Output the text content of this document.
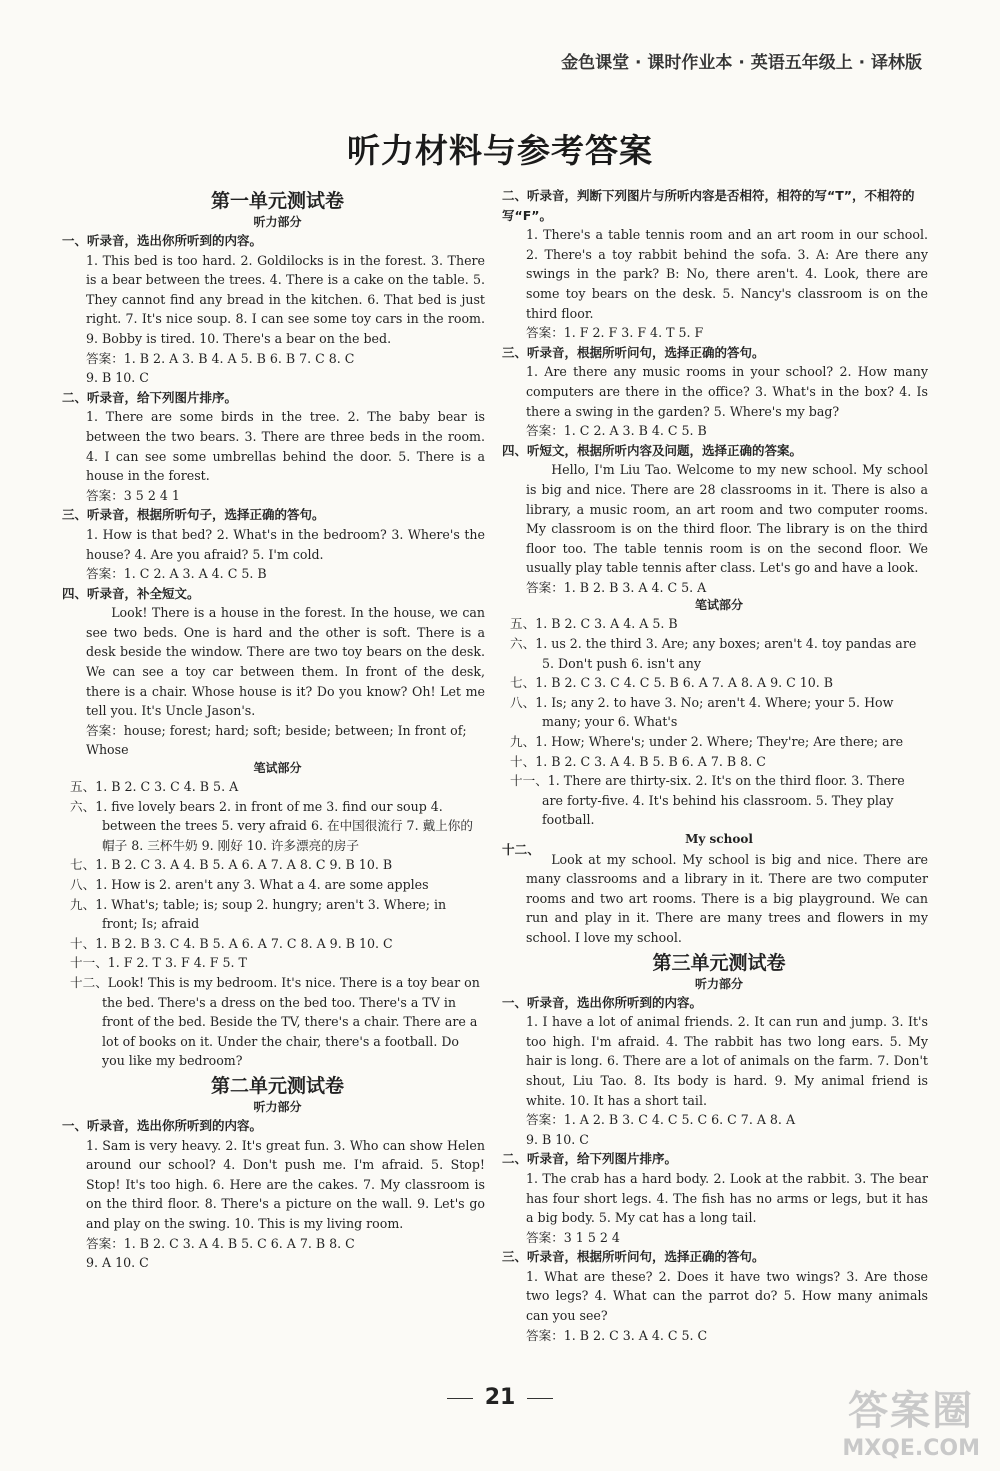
金色课堂 · 课时作业本 · 英语五年级上 · 译林版
听力材料与参考答案
第一单元测试卷
听力部分
一、听录音，选出你所听到的内容。
1. This bed is too hard. 2. Goldilocks is in the forest. 3. There is a bear between the trees. 4. There is a cake on the table. 5. They cannot find any bread in the kitchen. 6. That bed is just right. 7. It's nice soup. 8. I can see some toy cars in the room. 9. Bobby is tired. 10. There's a bear on the bed.
答案：1. B 2. A 3. B 4. A 5. B 6. B 7. C 8. C
9. B 10. C
二、听录音，给下列图片排序。
1. There are some birds in the tree. 2. The baby bear is between the two bears. 3. There are three beds in the room. 4. I can see some umbrellas behind the door. 5. There is a house in the forest.
答案：3 5 2 4 1
三、听录音，根据所听句子，选择正确的答句。
1. How is that bed? 2. What's in the bedroom? 3. Where's the house? 4. Are you afraid? 5. I'm cold.
答案：1. C 2. A 3. A 4. C 5. B
四、听录音，补全短文。
Look! There is a house in the forest. In the house, we can see two beds. One is hard and the other is soft. There is a desk beside the window. There are two toy bears on the desk. We can see a toy car between them. In front of the desk, there is a chair. Whose house is it? Do you know? Oh! Let me tell you. It's Uncle Jason's.
答案：house; forest; hard; soft; beside; between; In front of; Whose
笔试部分
五、1. B 2. C 3. C 4. B 5. A
六、1. five lovely bears 2. in front of me 3. find our soup 4. between the trees 5. very afraid 6. 在中国很流行 7. 戴上你的帽子 8. 三杯牛奶 9. 刚好 10. 许多漂亮的房子
七、1. B 2. C 3. A 4. B 5. A 6. A 7. A 8. C 9. B 10. B
八、1. How is 2. aren't any 3. What a 4. are some apples
九、1. What's; table; is; soup 2. hungry; aren't 3. Where; in front; Is; afraid
十、1. B 2. B 3. C 4. B 5. A 6. A 7. C 8. A 9. B 10. C
十一、1. F 2. T 3. F 4. F 5. T
十二、Look! This is my bedroom. It's nice. There is a toy bear on the bed. There's a dress on the bed too. There's a TV in front of the bed. Beside the TV, there's a chair. There are a lot of books on it. Under the chair, there's a football. Do you like my bedroom?
第二单元测试卷
听力部分
一、听录音，选出你所听到的内容。
1. Sam is very heavy. 2. It's great fun. 3. Who can show Helen around our school? 4. Don't push me. I'm afraid. 5. Stop! Stop! It's too high. 6. Here are the cakes. 7. My classroom is on the third floor. 8. There's a picture on the wall. 9. Let's go and play on the swing. 10. This is my living room.
答案：1. B 2. C 3. A 4. B 5. C 6. A 7. B 8. C
9. A 10. C
二、听录音，判断下列图片与所听内容是否相符，相符的写“T”，不相符的写“F”。
1. There's a table tennis room and an art room in our school. 2. There's a toy rabbit behind the sofa. 3. A: Are there any swings in the park? B: No, there aren't. 4. Look, there are some toy bears on the desk. 5. Nancy's classroom is on the third floor.
答案：1. F 2. F 3. F 4. T 5. F
三、听录音，根据所听问句，选择正确的答句。
1. Are there any music rooms in your school? 2. How many computers are there in the office? 3. What's in the box? 4. Is there a swing in the garden? 5. Where's my bag?
答案：1. C 2. A 3. B 4. C 5. B
四、听短文，根据所听内容及问题，选择正确的答案。
Hello, I'm Liu Tao. Welcome to my new school. My school is big and nice. There are 28 classrooms in it. There is also a library, a music room, an art room and two computer rooms. My classroom is on the third floor. The library is on the third floor too. The table tennis room is on the second floor. We usually play table tennis after class. Let's go and have a look.
答案：1. B 2. B 3. A 4. C 5. A
笔试部分
五、1. B 2. C 3. A 4. A 5. B
六、1. us 2. the third 3. Are; any boxes; aren't 4. toy pandas are 5. Don't push 6. isn't any
七、1. B 2. C 3. C 4. C 5. B 6. A 7. A 8. A 9. C 10. B
八、1. Is; any 2. to have 3. No; aren't 4. Where; your 5. How many; your 6. What's
九、1. How; Where's; under 2. Where; They're; Are there; are
十、1. B 2. C 3. A 4. B 5. B 6. A 7. B 8. C
十一、1. There are thirty-six. 2. It's on the third floor. 3. There are forty-five. 4. It's behind his classroom. 5. They play football.
十二、
My school
Look at my school. My school is big and nice. There are many classrooms and a library in it. There are two computer rooms and two art rooms. There is a big playground. We can run and play in it. There are many trees and flowers in my school. I love my school.
第三单元测试卷
听力部分
一、听录音，选出你所听到的内容。
1. I have a lot of animal friends. 2. It can run and jump. 3. It's too high. I'm afraid. 4. The rabbit has two long ears. 5. My hair is long. 6. There are a lot of animals on the farm. 7. Don't shout, Liu Tao. 8. Its body is hard. 9. My animal friend is white. 10. It has a short tail.
答案：1. A 2. B 3. C 4. C 5. C 6. C 7. A 8. A
9. B 10. C
二、听录音，给下列图片排序。
1. The crab has a hard body. 2. Look at the rabbit. 3. The bear has four short legs. 4. The fish has no arms or legs, but it has a big body. 5. My cat has a long tail.
答案：3 1 5 2 4
三、听录音，根据所听问句，选择正确的答句。
1. What are these? 2. Does it have two wings? 3. Are those two legs? 4. What can the parrot do? 5. How many animals can you see?
答案：1. B 2. C 3. A 4. C 5. C
21	答案圈
MXQE.COM
